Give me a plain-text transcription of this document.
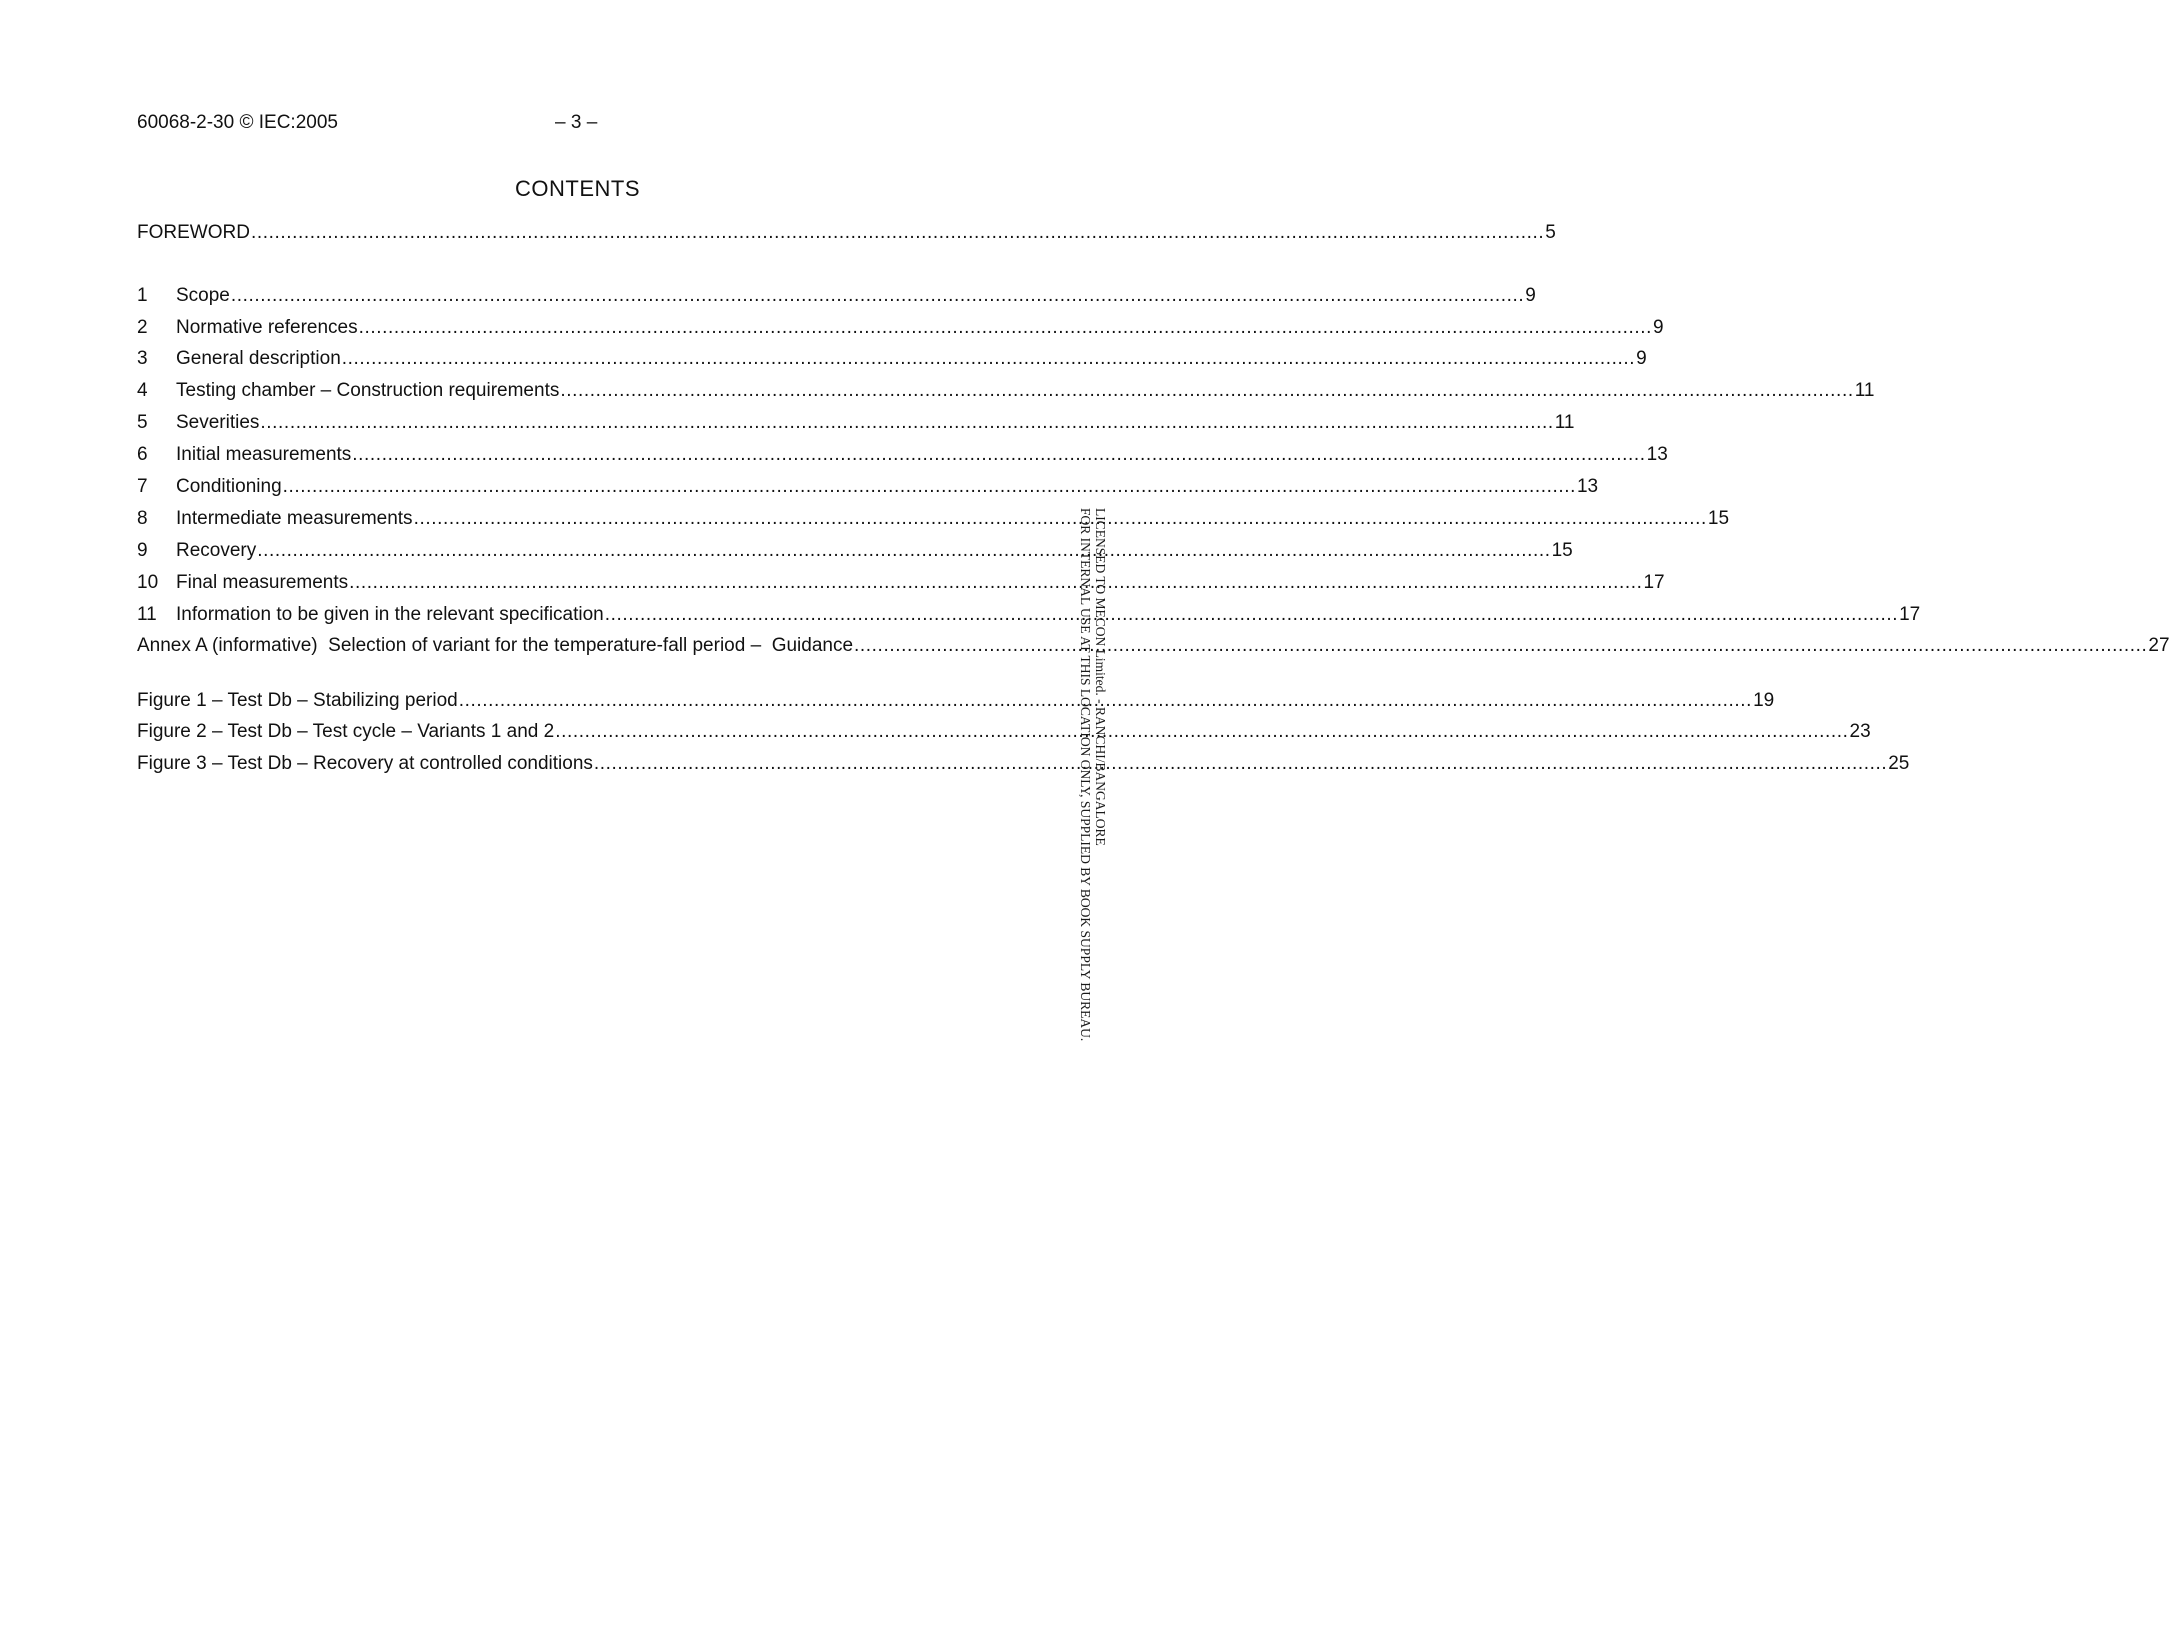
60068-2-30 © IEC:2005	– 3 –
CONTENTS
FOREWORD ............................................................................................................................................................................................................................ 5
1	Scope ............................................................................................................................................................................................................................ 9
2	Normative references ............................................................................................................................................................................................................................ 9
3	General description ............................................................................................................................................................................................................................ 9
4	Testing chamber – Construction requirements ............................................................................................................................................................................................................................ 11
5	Severities ............................................................................................................................................................................................................................ 11
6	Initial measurements ............................................................................................................................................................................................................................ 13
7	Conditioning ............................................................................................................................................................................................................................ 13
8	Intermediate measurements ............................................................................................................................................................................................................................ 15
9	Recovery ............................................................................................................................................................................................................................ 15
10 Final measurements ............................................................................................................................................................................................................................ 17
11	Information to be given in the relevant specification ............................................................................................................................................................................................................................ 17
Annex A (informative)  Selection of variant for the temperature-fall period –  Guidance ............................................................................................................................................................................................................................ 27
Figure 1 – Test Db – Stabilizing period ............................................................................................................................................................................................................................ 19
Figure 2 – Test Db – Test cycle – Variants 1 and 2 ............................................................................................................................................................................................................................ 23
Figure 3 – Test Db – Recovery at controlled conditions ............................................................................................................................................................................................................................ 25
LICENSED TO MECON Limited. - RANCHI/BANGALORE
FOR INTERNAL USE AT THIS LOCATION ONLY, SUPPLIED BY BOOK SUPPLY BUREAU.
